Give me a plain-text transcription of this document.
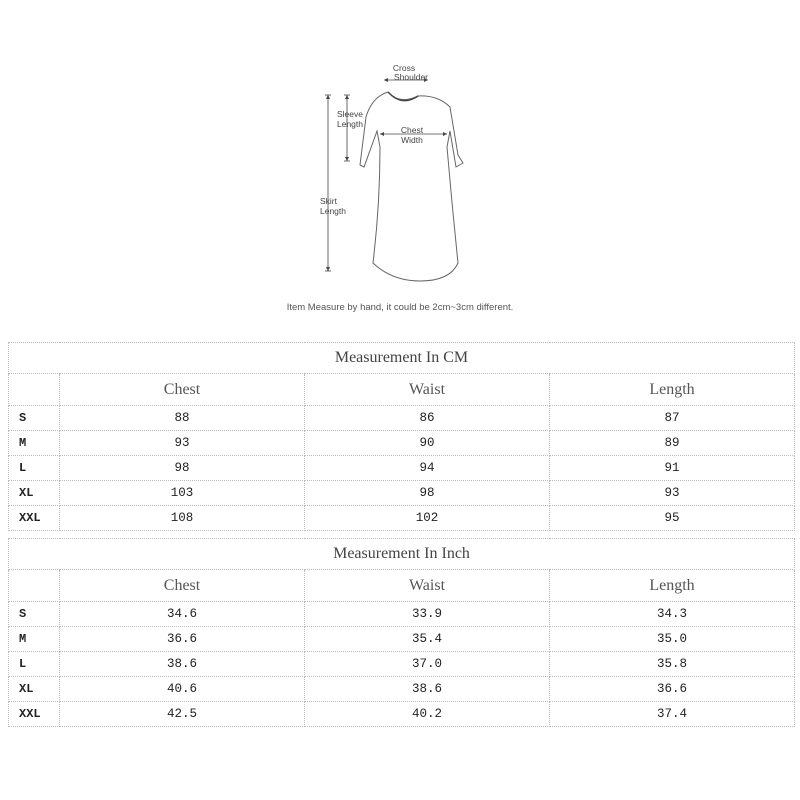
Cross
Shoulder
Sleeve
Length
Chest
Width
Skirt
Length
Item Measure by hand, it could be 2cm~3cm different.
Measurement In CM			
	Chest	Waist	Length
S	88	86	87
M	93	90	89
L	98	94	91
XL	103	98	93
XXL	108	102	95
Measurement In Inch			
	Chest	Waist	Length
S	34.6	33.9	34.3
M	36.6	35.4	35.0
L	38.6	37.0	35.8
XL	40.6	38.6	36.6
XXL	42.5	40.2	37.4
